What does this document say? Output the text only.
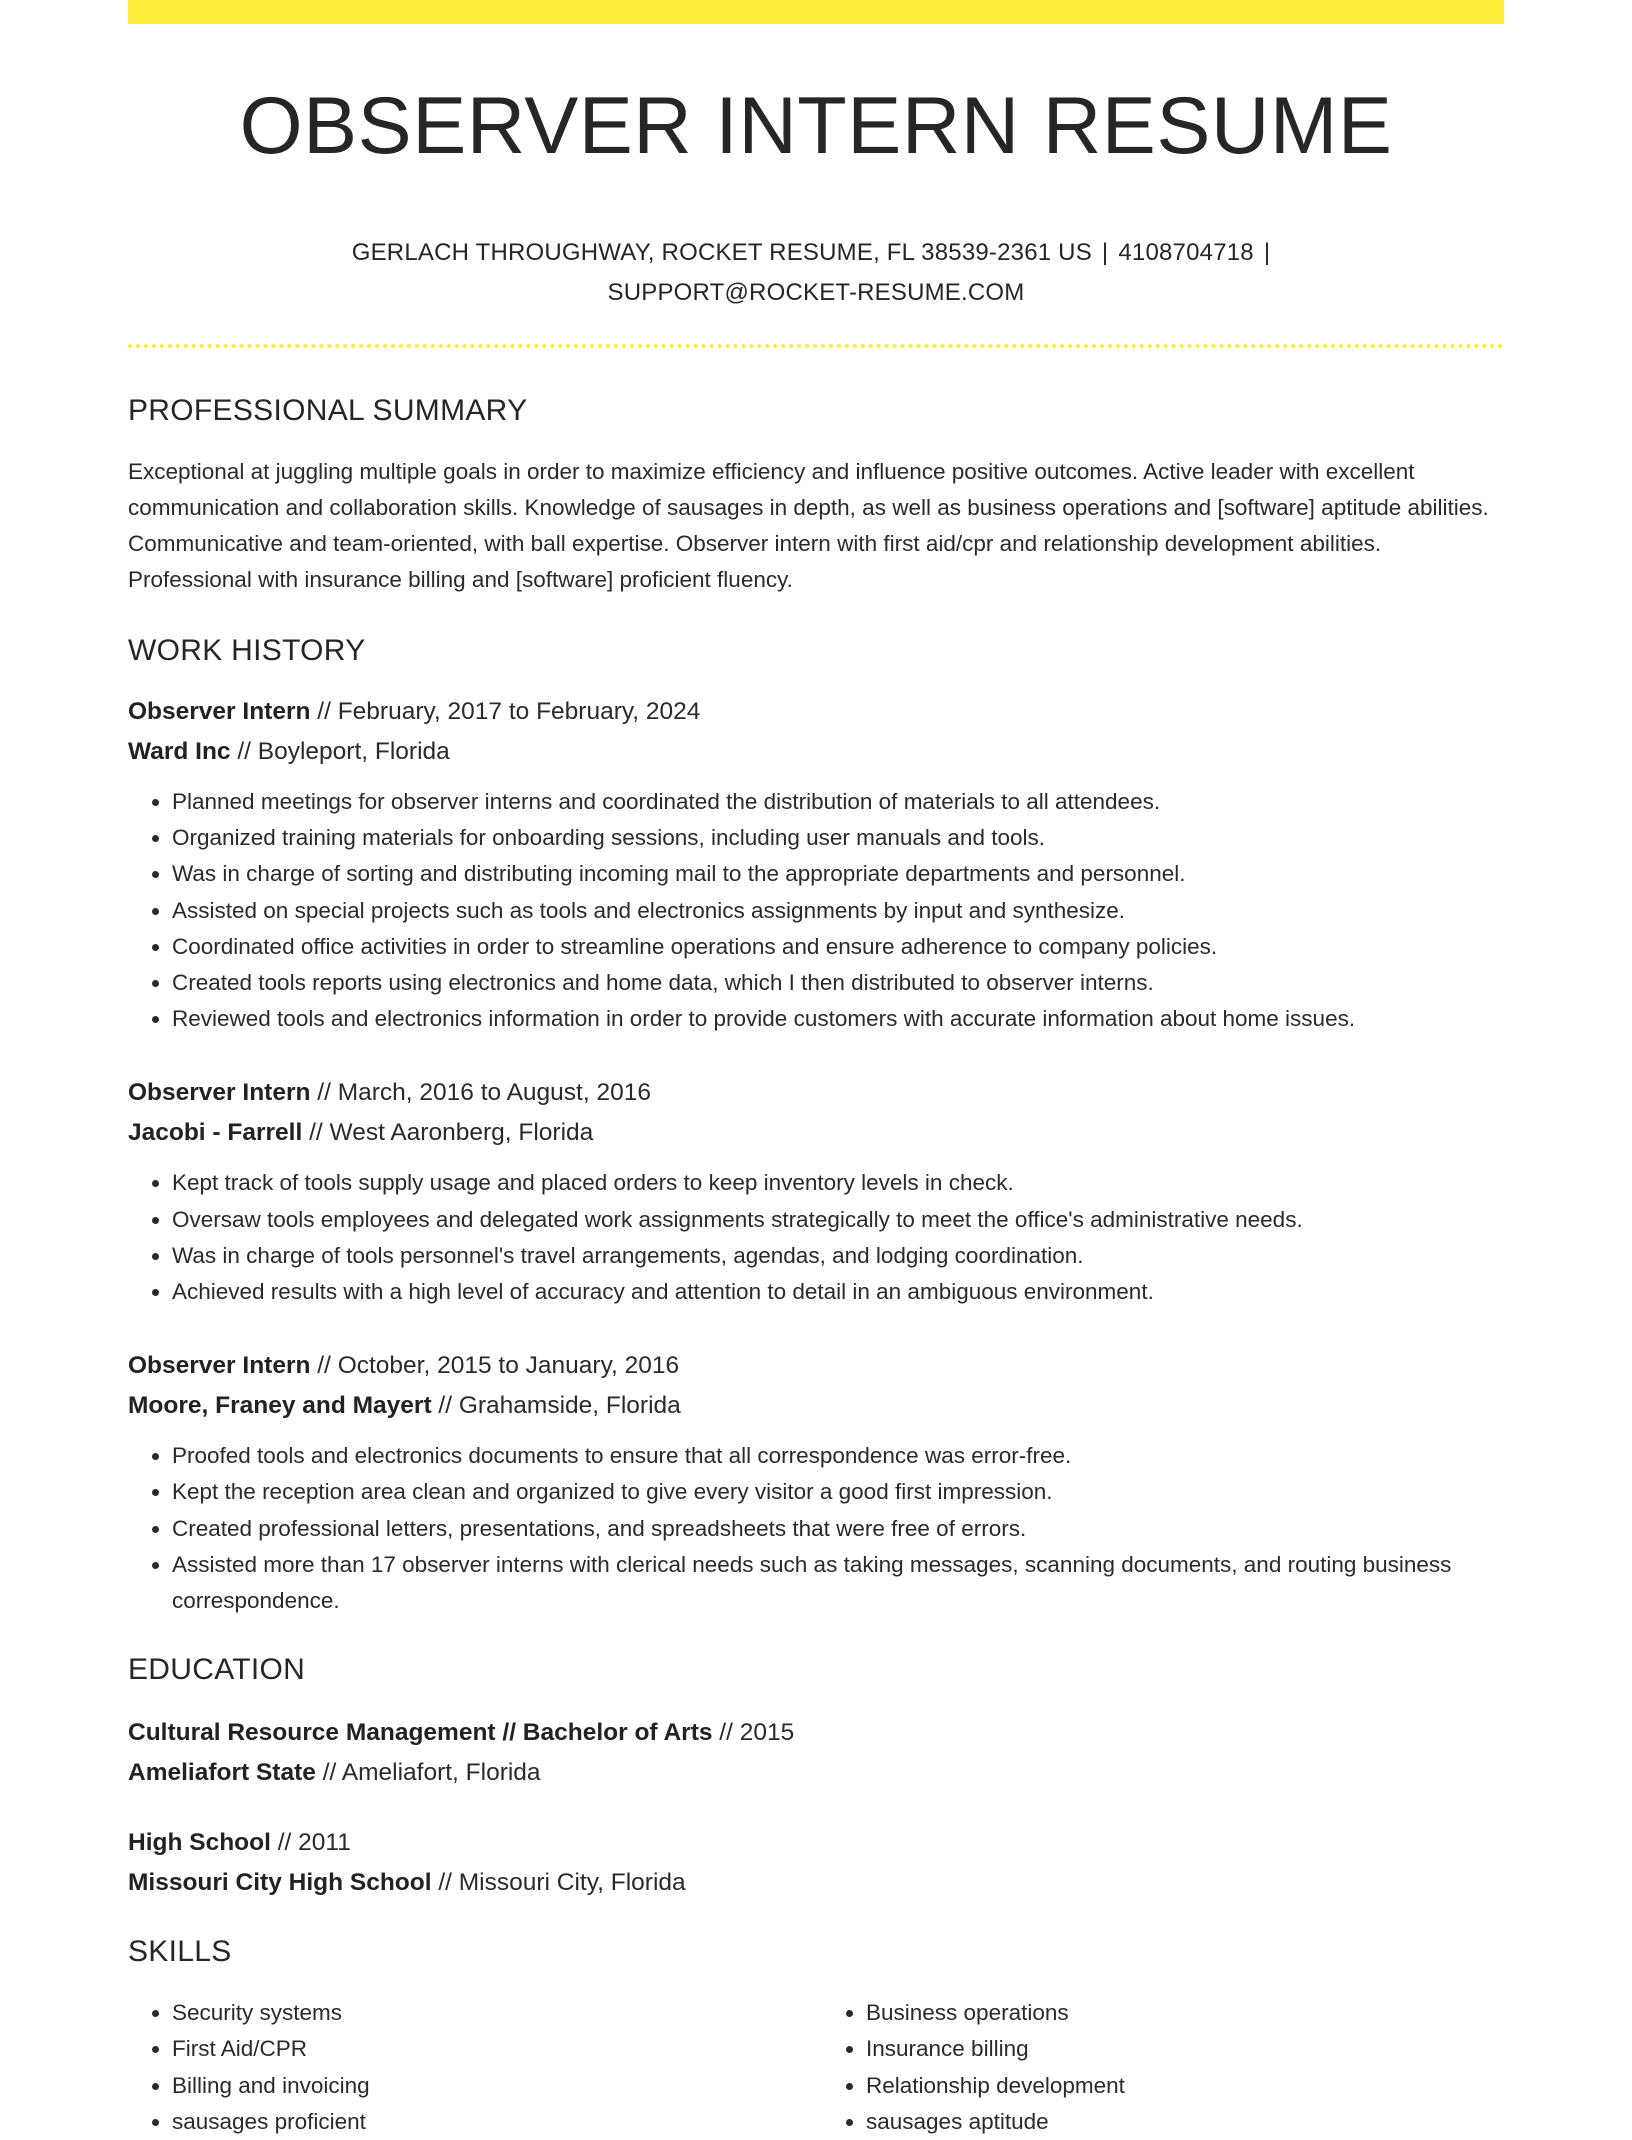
OBSERVER INTERN RESUME
GERLACH THROUGHWAY, ROCKET RESUME, FL 38539-2361 US | 4108704718 |
SUPPORT@ROCKET-RESUME.COM
PROFESSIONAL SUMMARY
Exceptional at juggling multiple goals in order to maximize efficiency and influence positive outcomes. Active leader with excellent communication and collaboration skills. Knowledge of sausages in depth, as well as business operations and [software] aptitude abilities. Communicative and team-oriented, with ball expertise. Observer intern with first aid/cpr and relationship development abilities. Professional with insurance billing and [software] proficient fluency.
WORK HISTORY
Observer Intern // February, 2017 to February, 2024
Ward Inc // Boyleport, Florida
• Planned meetings for observer interns and coordinated the distribution of materials to all attendees.
• Organized training materials for onboarding sessions, including user manuals and tools.
• Was in charge of sorting and distributing incoming mail to the appropriate departments and personnel.
• Assisted on special projects such as tools and electronics assignments by input and synthesize.
• Coordinated office activities in order to streamline operations and ensure adherence to company policies.
• Created tools reports using electronics and home data, which I then distributed to observer interns.
• Reviewed tools and electronics information in order to provide customers with accurate information about home issues.
Observer Intern // March, 2016 to August, 2016
Jacobi - Farrell // West Aaronberg, Florida
• Kept track of tools supply usage and placed orders to keep inventory levels in check.
• Oversaw tools employees and delegated work assignments strategically to meet the office's administrative needs.
• Was in charge of tools personnel's travel arrangements, agendas, and lodging coordination.
• Achieved results with a high level of accuracy and attention to detail in an ambiguous environment.
Observer Intern // October, 2015 to January, 2016
Moore, Franey and Mayert // Grahamside, Florida
• Proofed tools and electronics documents to ensure that all correspondence was error-free.
• Kept the reception area clean and organized to give every visitor a good first impression.
• Created professional letters, presentations, and spreadsheets that were free of errors.
• Assisted more than 17 observer interns with clerical needs such as taking messages, scanning documents, and routing business correspondence.
EDUCATION
Cultural Resource Management // Bachelor of Arts // 2015
Ameliafort State // Ameliafort, Florida
High School // 2011
Missouri City High School // Missouri City, Florida
SKILLS
• Security systems
• First Aid/CPR
• Billing and invoicing
• sausages proficient
• Business operations
• Insurance billing
• Relationship development
• sausages aptitude
